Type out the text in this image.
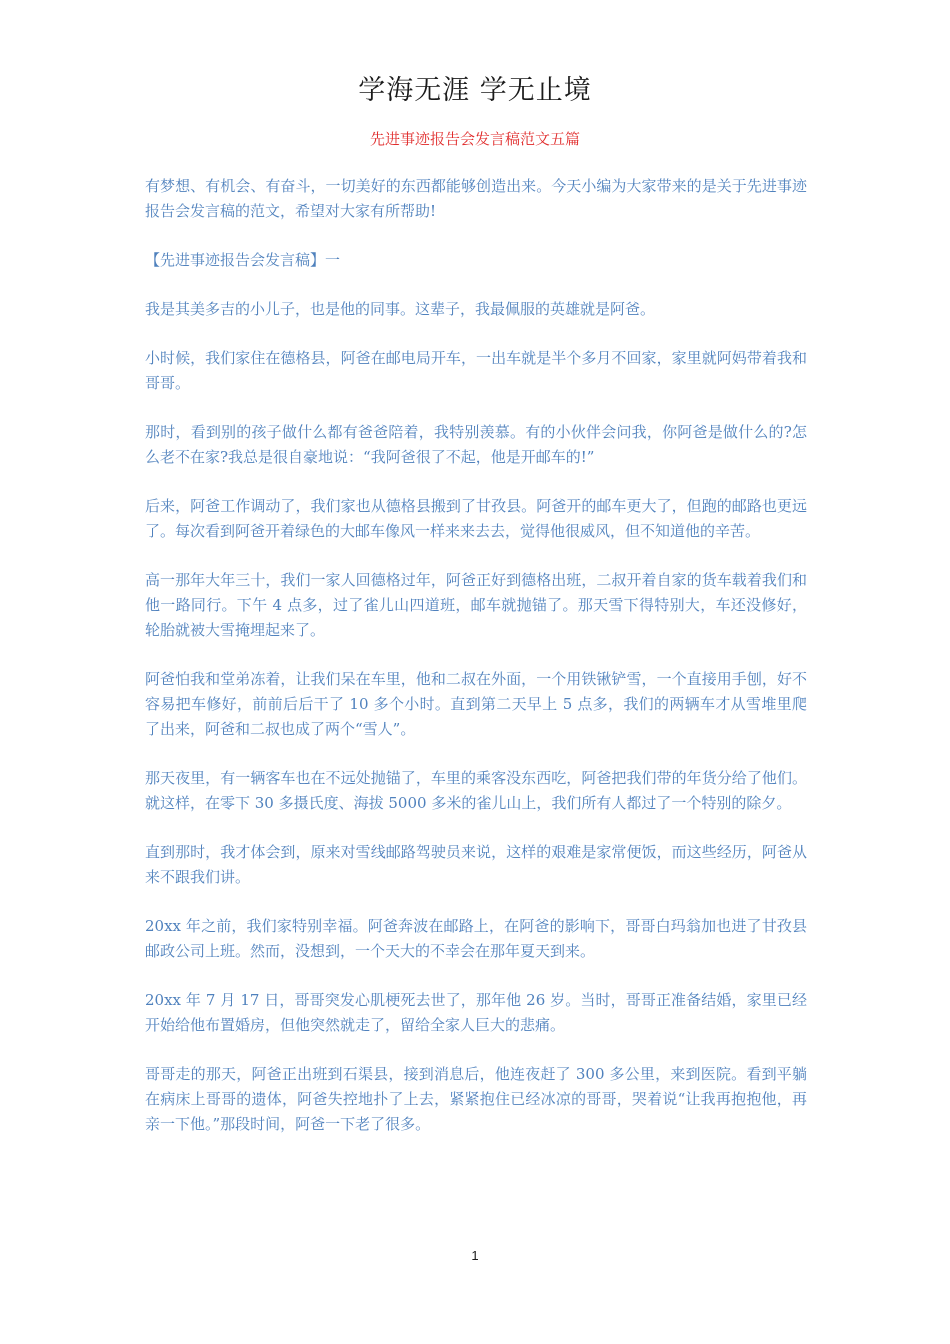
学海无涯 学无止境
先进事迹报告会发言稿范文五篇

有梦想、有机会、有奋斗，一切美好的东西都能够创造出来。今天小编为大家带来的是关于先进事迹报告会发言稿的范文，希望对大家有所帮助!

【先进事迹报告会发言稿】一

我是其美多吉的小儿子，也是他的同事。这辈子，我最佩服的英雄就是阿爸。

小时候，我们家住在德格县，阿爸在邮电局开车，一出车就是半个多月不回家，家里就阿妈带着我和哥哥。

那时，看到别的孩子做什么都有爸爸陪着，我特别羡慕。有的小伙伴会问我，你阿爸是做什么的?怎么老不在家?我总是很自豪地说：“我阿爸很了不起，他是开邮车的!”

后来，阿爸工作调动了，我们家也从德格县搬到了甘孜县。阿爸开的邮车更大了，但跑的邮路也更远了。每次看到阿爸开着绿色的大邮车像风一样来来去去，觉得他很威风，但不知道他的辛苦。

高一那年大年三十，我们一家人回德格过年，阿爸正好到德格出班，二叔开着自家的货车载着我们和他一路同行。下午 4 点多，过了雀儿山四道班，邮车就抛锚了。那天雪下得特别大，车还没修好，轮胎就被大雪掩埋起来了。

阿爸怕我和堂弟冻着，让我们呆在车里，他和二叔在外面，一个用铁锹铲雪，一个直接用手刨，好不容易把车修好，前前后后干了 10 多个小时。直到第二天早上 5 点多，我们的两辆车才从雪堆里爬了出来，阿爸和二叔也成了两个“雪人”。

那天夜里，有一辆客车也在不远处抛锚了，车里的乘客没东西吃，阿爸把我们带的年货分给了他们。就这样，在零下 30 多摄氏度、海拔 5000 多米的雀儿山上，我们所有人都过了一个特别的除夕。

直到那时，我才体会到，原来对雪线邮路驾驶员来说，这样的艰难是家常便饭，而这些经历，阿爸从来不跟我们讲。

20xx 年之前，我们家特别幸福。阿爸奔波在邮路上，在阿爸的影响下，哥哥白玛翁加也进了甘孜县邮政公司上班。然而，没想到，一个天大的不幸会在那年夏天到来。

20xx 年 7 月 17 日，哥哥突发心肌梗死去世了，那年他 26 岁。当时，哥哥正准备结婚，家里已经开始给他布置婚房，但他突然就走了，留给全家人巨大的悲痛。

哥哥走的那天，阿爸正出班到石渠县，接到消息后，他连夜赶了 300 多公里，来到医院。看到平躺在病床上哥哥的遗体，阿爸失控地扑了上去，紧紧抱住已经冰凉的哥哥，哭着说“让我再抱抱他，再亲一下他。”那段时间，阿爸一下老了很多。

1
